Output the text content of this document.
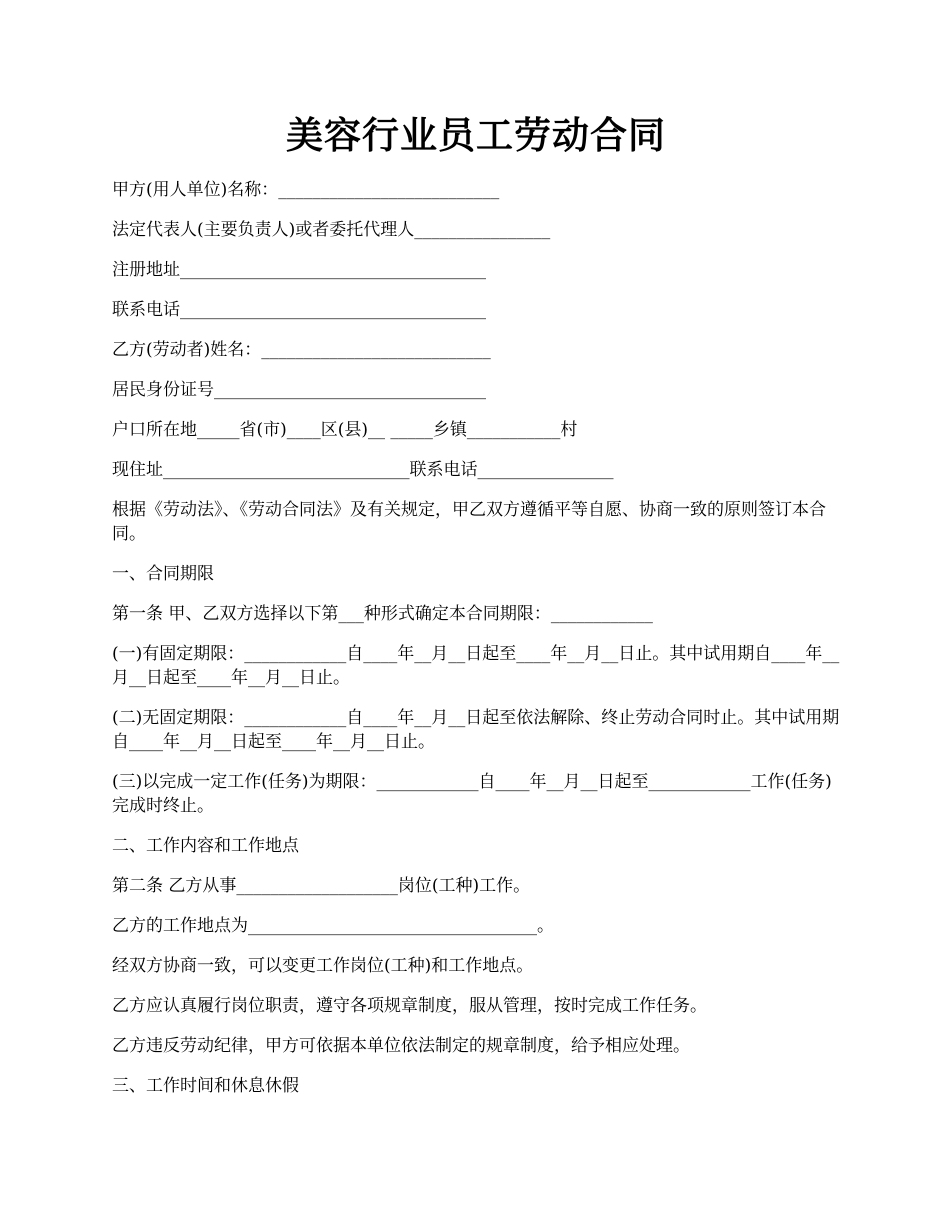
美容行业员工劳动合同

甲方(用人单位)名称：__________________________

法定代表人(主要负责人)或者委托代理人________________

注册地址____________________________________

联系电话____________________________________

乙方(劳动者)姓名：___________________________

居民身份证号________________________________

户口所在地_____省(市)____区(县)__ _____乡镇___________村

现住址_____________________________联系电话________________

根据《劳动法》、《劳动合同法》及有关规定，甲乙双方遵循平等自愿、协商一致的原则签订本合同。

一、合同期限

第一条 甲、乙双方选择以下第___种形式确定本合同期限：____________

(一)有固定期限：____________自____年__月__日起至____年__月__日止。其中试用期自____年__月__日起至____年__月__日止。

(二)无固定期限：____________自____年__月__日起至依法解除、终止劳动合同时止。其中试用期自____年__月__日起至____年__月__日止。

(三)以完成一定工作(任务)为期限：____________自____年__月__日起至____________工作(任务)完成时终止。

二、工作内容和工作地点

第二条 乙方从事___________________岗位(工种)工作。

乙方的工作地点为__________________________________。

经双方协商一致，可以变更工作岗位(工种)和工作地点。

乙方应认真履行岗位职责，遵守各项规章制度，服从管理，按时完成工作任务。

乙方违反劳动纪律，甲方可依据本单位依法制定的规章制度，给予相应处理。

三、工作时间和休息休假
